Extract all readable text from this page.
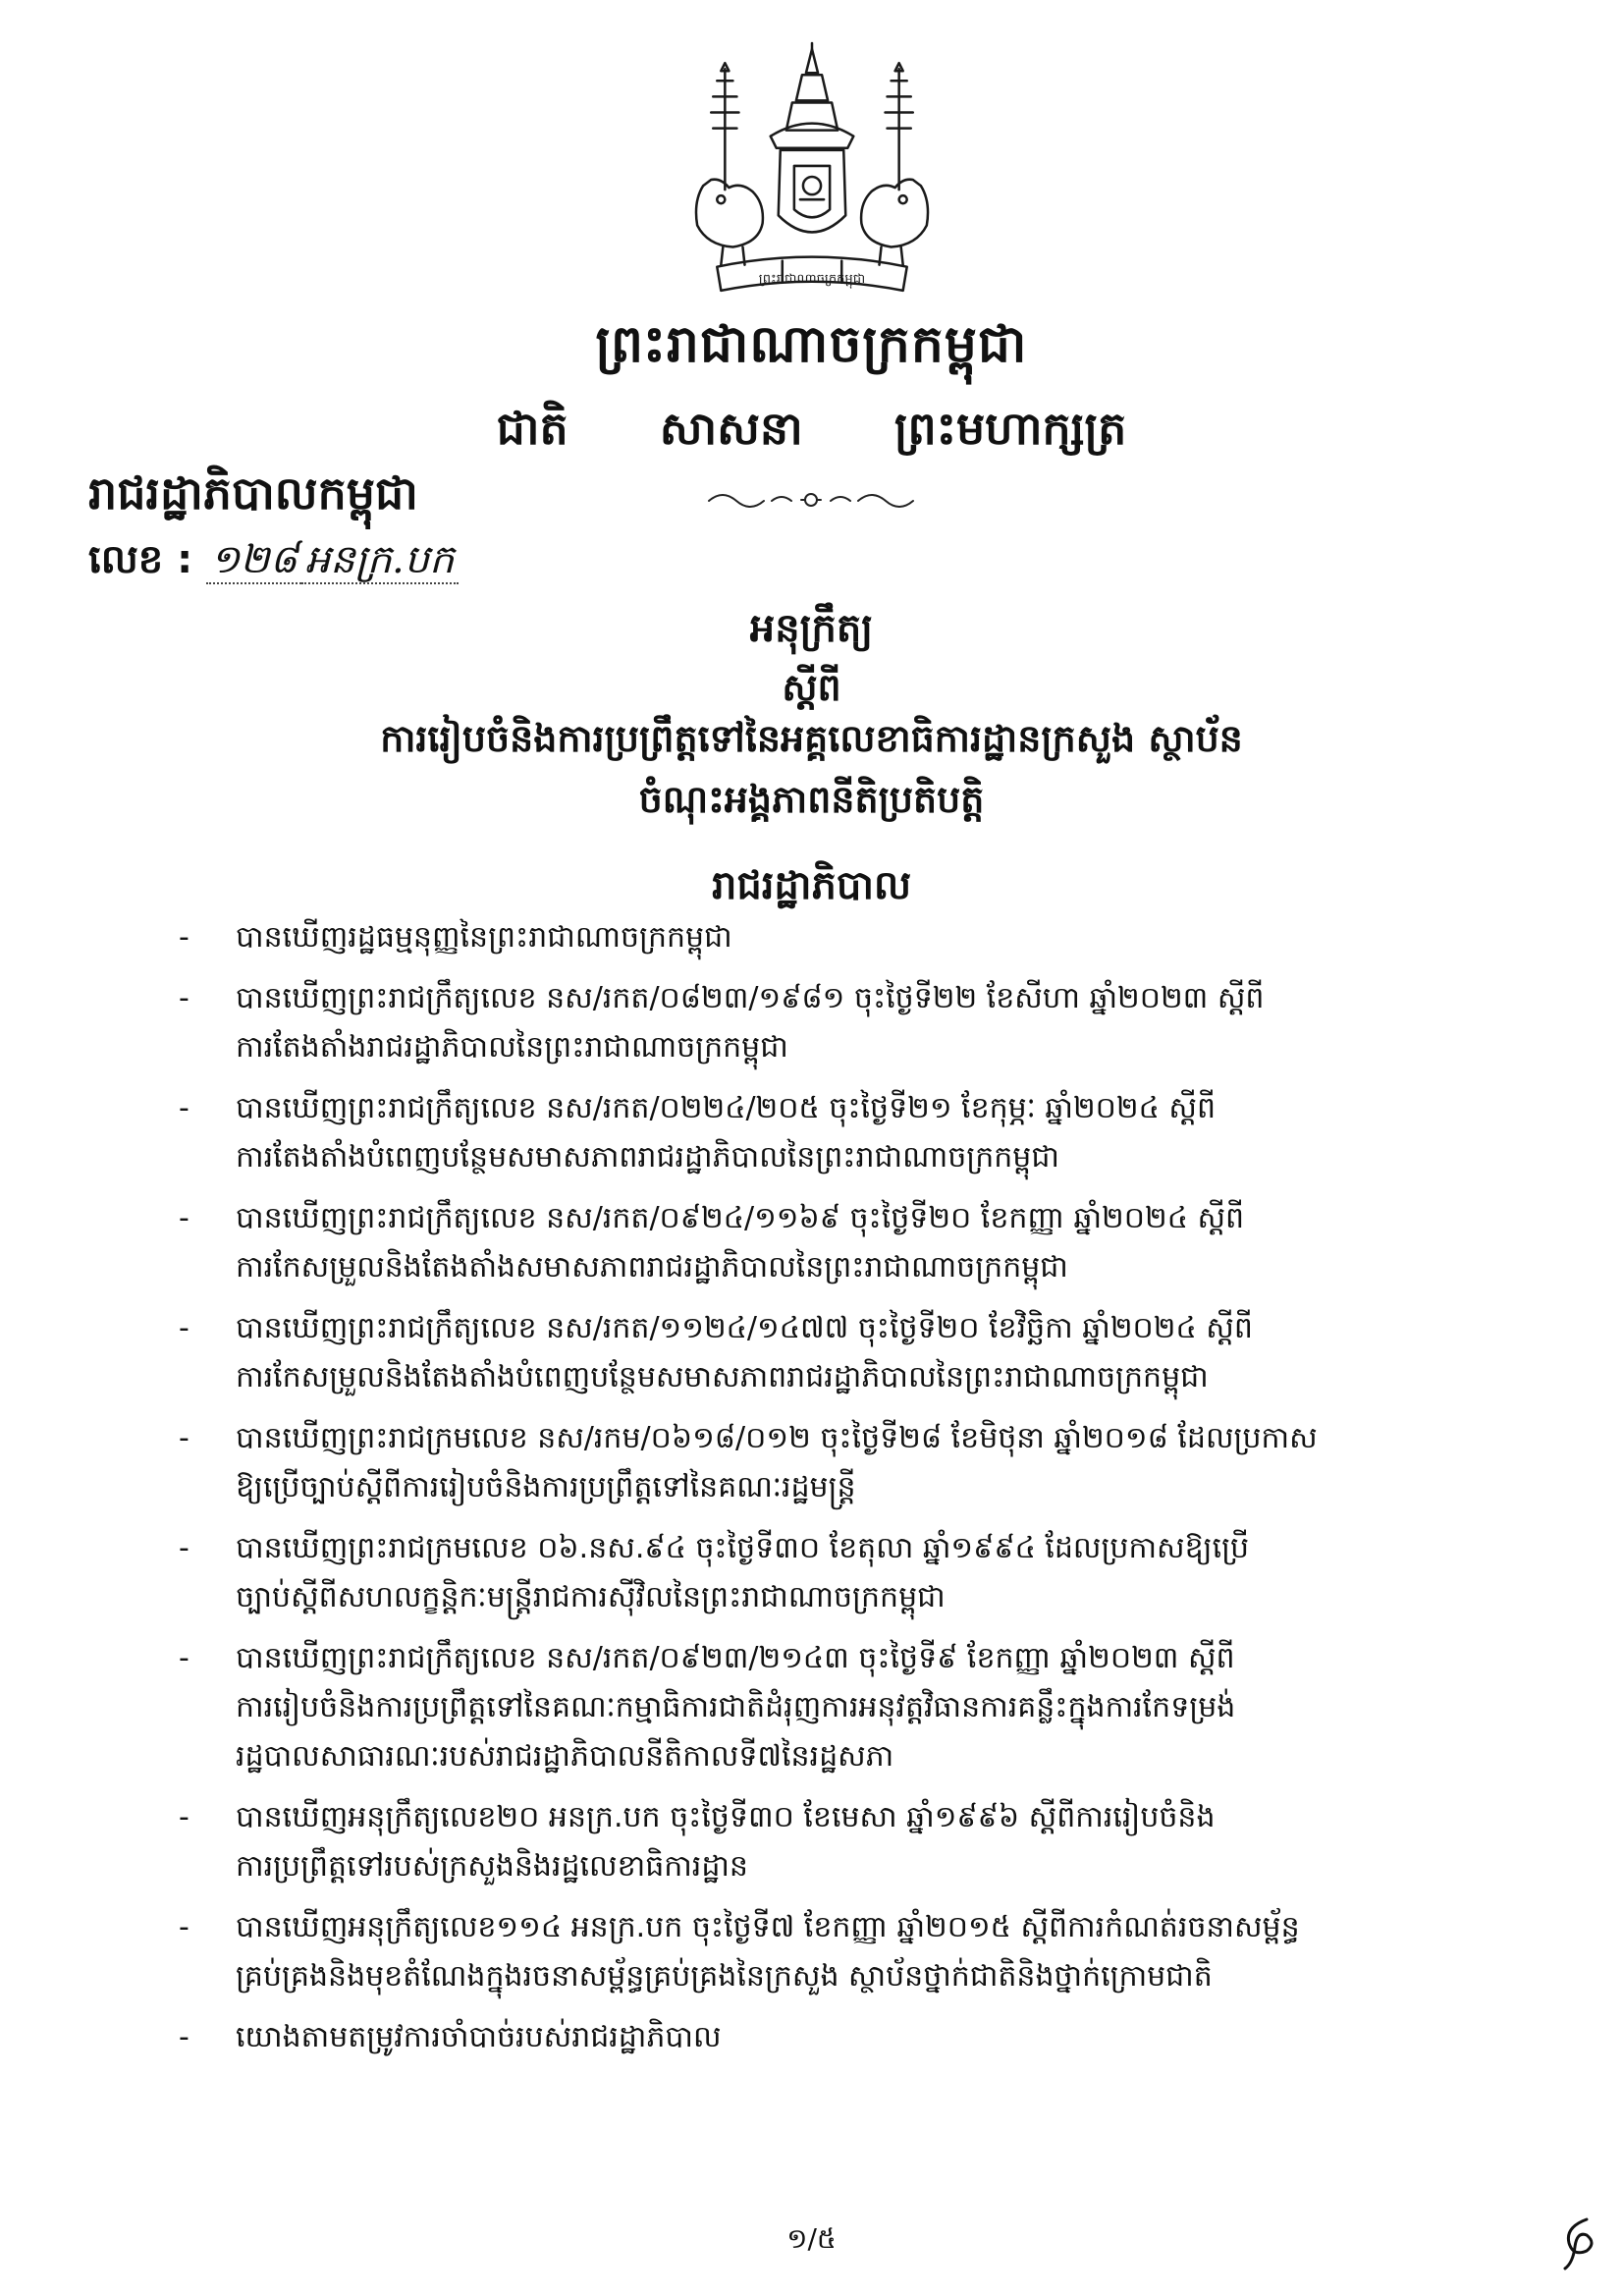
ព្រះរាជាណាចក្រកម្ពុជា
ព្រះរាជាណាចក្រកម្ពុជា
ជាតិ សាសនា ព្រះមហាក្សត្រ
រាជរដ្ឋាភិបាលកម្ពុជា
លេខ : ១២៨ អនក្រ.បក
អនុក្រឹត្យ
ស្តីពី
ការរៀបចំនិងការប្រព្រឹត្តទៅនៃអគ្គលេខាធិការដ្ឋានក្រសួង ស្ថាប័ន
ចំណុះអង្គភាពនីតិប្រតិបត្តិ
រាជរដ្ឋាភិបាល
- បានឃើញរដ្ឋធម្មនុញ្ញនៃព្រះរាជាណាចក្រកម្ពុជា
- បានឃើញព្រះរាជក្រឹត្យលេខ នស/រកត/០៨២៣/១៩៨១ ចុះថ្ងៃទី២២ ខែសីហា ឆ្នាំ២០២៣ ស្តីពី
ការតែងតាំងរាជរដ្ឋាភិបាលនៃព្រះរាជាណាចក្រកម្ពុជា
- បានឃើញព្រះរាជក្រឹត្យលេខ នស/រកត/០២២៤/២០៥ ចុះថ្ងៃទី២១ ខែកុម្ភៈ ឆ្នាំ២០២៤ ស្តីពី
ការតែងតាំងបំពេញបន្ថែមសមាសភាពរាជរដ្ឋាភិបាលនៃព្រះរាជាណាចក្រកម្ពុជា
- បានឃើញព្រះរាជក្រឹត្យលេខ នស/រកត/០៩២៤/១១៦៩ ចុះថ្ងៃទី២០ ខែកញ្ញា ឆ្នាំ២០២៤ ស្តីពី
ការកែសម្រួលនិងតែងតាំងសមាសភាពរាជរដ្ឋាភិបាលនៃព្រះរាជាណាចក្រកម្ពុជា
- បានឃើញព្រះរាជក្រឹត្យលេខ នស/រកត/១១២៤/១៤៧៧ ចុះថ្ងៃទី២០ ខែវិច្ឆិកា ឆ្នាំ២០២៤ ស្តីពី
ការកែសម្រួលនិងតែងតាំងបំពេញបន្ថែមសមាសភាពរាជរដ្ឋាភិបាលនៃព្រះរាជាណាចក្រកម្ពុជា
- បានឃើញព្រះរាជក្រមលេខ នស/រកម/០៦១៨/០១២ ចុះថ្ងៃទី២៨ ខែមិថុនា ឆ្នាំ២០១៨ ដែលប្រកាស
ឱ្យប្រើច្បាប់ស្តីពីការរៀបចំនិងការប្រព្រឹត្តទៅនៃគណៈរដ្ឋមន្ត្រី
- បានឃើញព្រះរាជក្រមលេខ ០៦.នស.៩៤ ចុះថ្ងៃទី៣០ ខែតុលា ឆ្នាំ១៩៩៤ ដែលប្រកាសឱ្យប្រើ
ច្បាប់ស្តីពីសហលក្ខន្តិកៈមន្ត្រីរាជការស៊ីវិលនៃព្រះរាជាណាចក្រកម្ពុជា
- បានឃើញព្រះរាជក្រឹត្យលេខ នស/រកត/០៩២៣/២១៤៣ ចុះថ្ងៃទី៩ ខែកញ្ញា ឆ្នាំ២០២៣ ស្តីពី
ការរៀបចំនិងការប្រព្រឹត្តទៅនៃគណៈកម្មាធិការជាតិដំរុញការអនុវត្តវិធានការគន្លឹះក្នុងការកែទម្រង់
រដ្ឋបាលសាធារណៈរបស់រាជរដ្ឋាភិបាលនីតិកាលទី៧នៃរដ្ឋសភា
- បានឃើញអនុក្រឹត្យលេខ២០ អនក្រ.បក ចុះថ្ងៃទី៣០ ខែមេសា ឆ្នាំ១៩៩៦ ស្តីពីការរៀបចំនិង
ការប្រព្រឹត្តទៅរបស់ក្រសួងនិងរដ្ឋលេខាធិការដ្ឋាន
- បានឃើញអនុក្រឹត្យលេខ១១៤ អនក្រ.បក ចុះថ្ងៃទី៧ ខែកញ្ញា ឆ្នាំ២០១៥ ស្តីពីការកំណត់រចនាសម្ព័ន្ធ
គ្រប់គ្រងនិងមុខតំណែងក្នុងរចនាសម្ព័ន្ធគ្រប់គ្រងនៃក្រសួង ស្ថាប័នថ្នាក់ជាតិនិងថ្នាក់ក្រោមជាតិ
- យោងតាមតម្រូវការចាំបាច់របស់រាជរដ្ឋាភិបាល
១/៥
